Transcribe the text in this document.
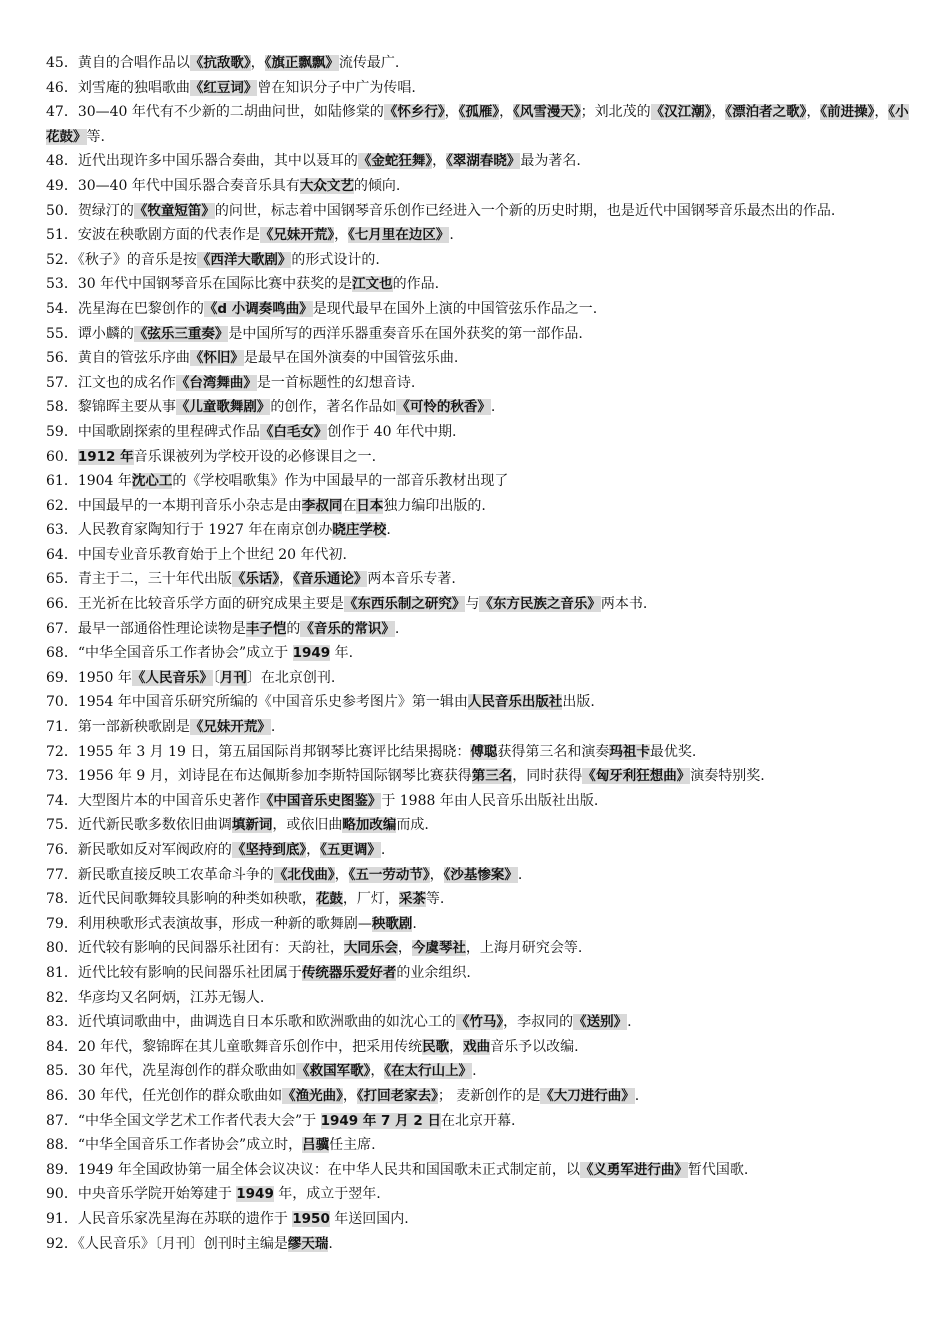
45．黄自的合唱作品以《抗敌歌》，《旗正飘飘》流传最广.
46．刘雪庵的独唱歌曲《红豆词》曾在知识分子中广为传唱.
47．30—40 年代有不少新的二胡曲问世，如陆修棠的《怀乡行》，《孤雁》，《风雪漫天》；刘北茂的《汉江潮》，《漂泊者之歌》，《前进操》，《小花鼓》等.
48．近代出现许多中国乐器合奏曲，其中以聂耳的《金蛇狂舞》，《翠湖春晓》最为著名.
49．30—40 年代中国乐器合奏音乐具有大众文艺的倾向.
50．贺绿汀的《牧童短笛》的问世，标志着中国钢琴音乐创作已经进入一个新的历史时期，也是近代中国钢琴音乐最杰出的作品.
51．安波在秧歌剧方面的代表作是《兄妹开荒》，《七月里在边区》.
52．《秋子》的音乐是按《西洋大歌剧》的形式设计的.
53．30 年代中国钢琴音乐在国际比赛中获奖的是江文也的作品.
54．冼星海在巴黎创作的《d 小调奏鸣曲》是现代最早在国外上演的中国管弦乐作品之一.
55．谭小麟的《弦乐三重奏》是中国所写的西洋乐器重奏音乐在国外获奖的第一部作品.
56．黄自的管弦乐序曲《怀旧》是最早在国外演奏的中国管弦乐曲.
57．江文也的成名作《台湾舞曲》是一首标题性的幻想音诗.
58．黎锦晖主要从事《儿童歌舞剧》的创作，著名作品如《可怜的秋香》.
59．中国歌剧探索的里程碑式作品《白毛女》创作于 40 年代中期.
60．1912 年音乐课被列为学校开设的必修课目之一.
61．1904 年沈心工的《学校唱歌集》作为中国最早的一部音乐教材出现了
62．中国最早的一本期刊音乐小杂志是由李叔同在日本独力编印出版的.
63．人民教育家陶知行于 1927 年在南京创办晓庄学校.
64．中国专业音乐教育始于上个世纪 20 年代初.
65．青主于二，三十年代出版《乐话》，《音乐通论》两本音乐专著.
66．王光祈在比较音乐学方面的研究成果主要是《东西乐制之研究》与《东方民族之音乐》两本书.
67．最早一部通俗性理论读物是丰子恺的《音乐的常识》.
68．“中华全国音乐工作者协会”成立于 1949 年.
69．1950 年《人民音乐》〔月刊〕在北京创刊.
70．1954 年中国音乐研究所编的《中国音乐史参考图片》第一辑由人民音乐出版社出版.
71．第一部新秧歌剧是《兄妹开荒》.
72．1955 年 3 月 19 日，第五届国际肖邦钢琴比赛评比结果揭晓：傅聪获得第三名和演奏玛祖卡最优奖.
73．1956 年 9 月，刘诗昆在布达佩斯参加李斯特国际钢琴比赛获得第三名，同时获得《匈牙利狂想曲》演奏特别奖.
74．大型图片本的中国音乐史著作《中国音乐史图鉴》于 1988 年由人民音乐出版社出版.
75．近代新民歌多数依旧曲调填新词，或依旧曲略加改编而成.
76．新民歌如反对军阀政府的《坚持到底》，《五更调》.
77．新民歌直接反映工农革命斗争的《北伐曲》，《五一劳动节》，《沙基惨案》.
78．近代民间歌舞较具影响的种类如秧歌，花鼓，厂灯，采茶等.
79．利用秧歌形式表演故事，形成一种新的歌舞剧—秧歌剧.
80．近代较有影响的民间器乐社团有：天韵社，大同乐会，今虞琴社，上海月研究会等.
81．近代比较有影响的民间器乐社团属于传统器乐爱好者的业余组织.
82．华彦均又名阿炳，江苏无锡人.
83．近代填词歌曲中，曲调选自日本乐歌和欧洲歌曲的如沈心工的《竹马》，李叔同的《送别》.
84．20 年代，黎锦晖在其儿童歌舞音乐创作中，把采用传统民歌，戏曲音乐予以改编.
85．30 年代，冼星海创作的群众歌曲如《救国军歌》，《在太行山上》.
86．30 年代，任光创作的群众歌曲如《渔光曲》，《打回老家去》； 麦新创作的是《大刀进行曲》.
87．“中华全国文学艺术工作者代表大会”于 1949 年 7 月 2 日在北京开幕.
88．“中华全国音乐工作者协会”成立时，吕骥任主席.
89．1949 年全国政协第一届全体会议决议：在中华人民共和国国歌未正式制定前，以《义勇军进行曲》暂代国歌.
90．中央音乐学院开始筹建于 1949 年，成立于翌年.
91．人民音乐家冼星海在苏联的遗作于 1950 年送回国内.
92．《人民音乐》〔月刊〕创刊时主编是缪天瑞.
